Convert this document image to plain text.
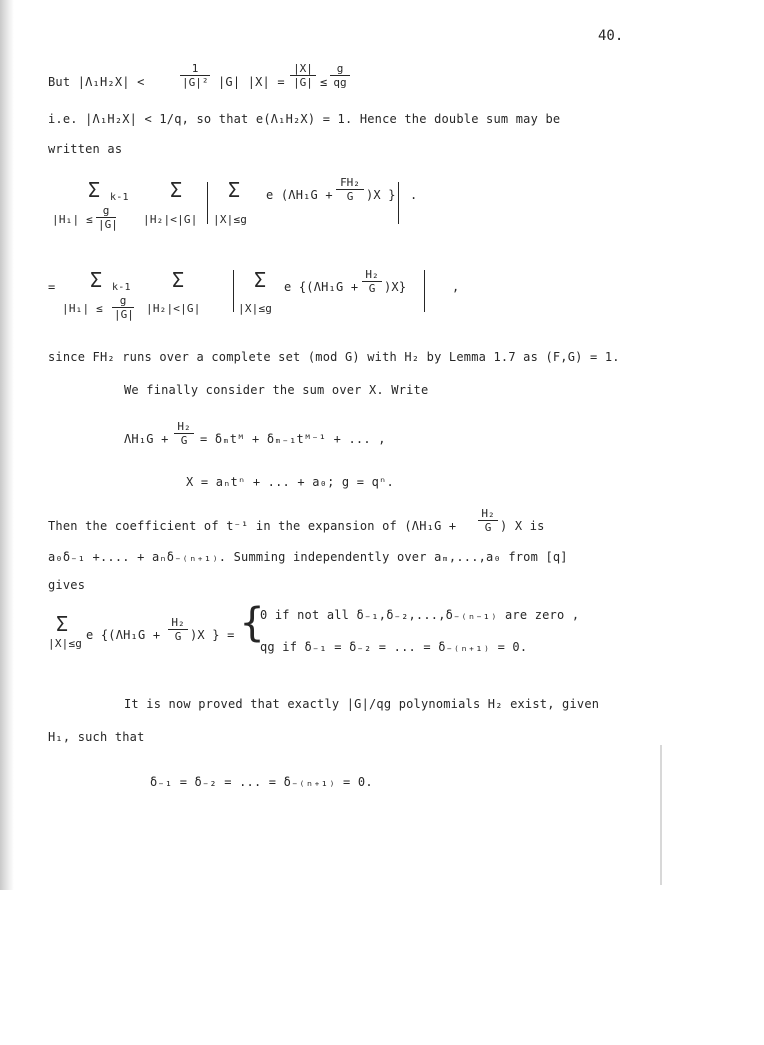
40.
But |Λ₁H₂X| <	$\frac{1}{\text{|G|²}} |G|$ $|X| = \frac{|X|}{|G|} \le \frac{g}{qg}$
i.e. |Λ₁H₂X| < 1/q, so that e(Λ₁H₂X) = 1. Hence the double sum may be
written as
Σ k-1
$|H_1| \le \frac{g}{|G|}$
Σ
|H₂|<|G|
Σ
|X|≤g
e $(\Lambda H_1G + \frac{\text{FH₂}}{G} )X$ } .
= Σ k-1
$|H_1| \le \frac{g}{|G|}$
Σ
|H₂|<|G|
Σ
|X|≤g
e $\{(\Lambda H_1G + \frac{\text{H₂}}{G} )X\}$	,
since FH₂ runs over a complete set (mod G) with H₂ by Lemma 1.7 as (F,G) = 1.
We finally consider the sum over X. Write
$\Lambda H_1G + \frac{\text{H₂}}{G}$ = δₘtᴹ + δₘ₋₁tᴹ⁻¹ + ... ,
X = aₙtⁿ + ... + a₀; g = qⁿ.
Then the coefficient of t⁻¹ in the expansion of ($\Lambda H_1G + \frac{\text{H₂}}{G}$ ) X is
a₀δ₋₁ +.... + aₙδ₋₍ₙ₊₁₎. Summing independently over aₘ,...,a₀ from [q]
gives
Σ
|X|≤g
e {$(\Lambda H_1G + \frac{\text{H₂}}{G} )X$ } = {
0 if not all δ₋₁,δ₋₂,...,δ₋₍ₙ₋₁₎ are zero ,
qg if δ₋₁ = δ₋₂ = ... = δ₋₍ₙ₊₁₎ = 0.
It is now proved that exactly |G|/qg polynomials H₂ exist, given
H₁, such that
δ₋₁ = δ₋₂ = ... = δ₋₍ₙ₊₁₎ = 0.
